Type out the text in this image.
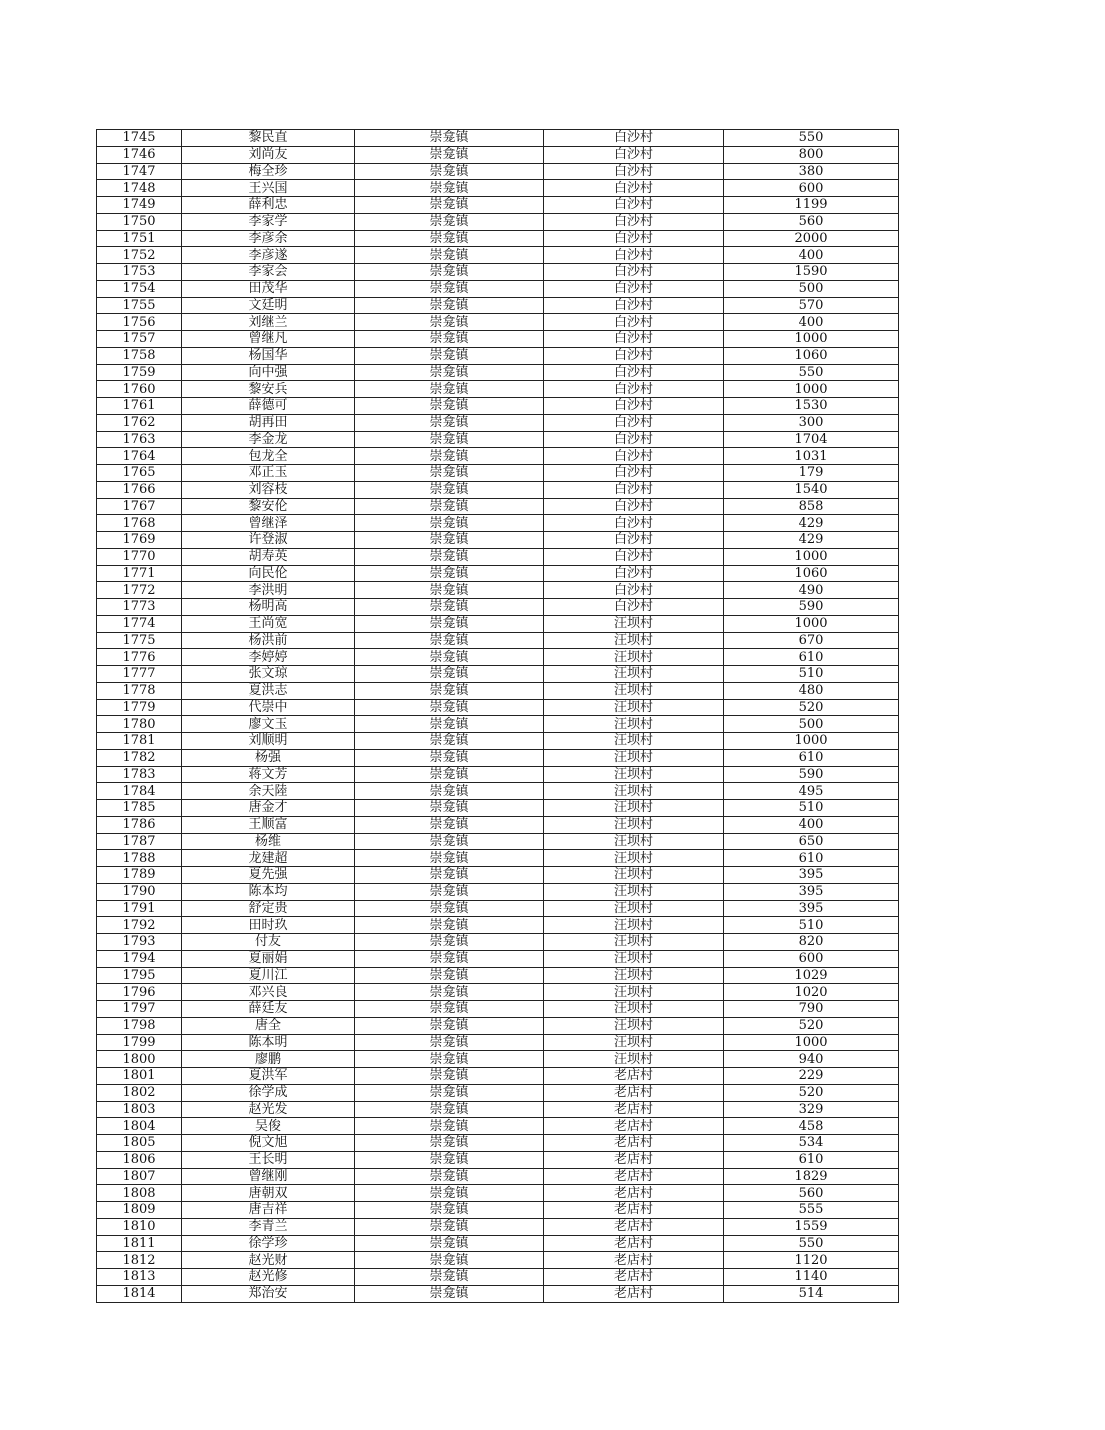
1745	黎民直	崇龛镇	白沙村	550
1746	刘尚友	崇龛镇	白沙村	800
1747	梅全珍	崇龛镇	白沙村	380
1748	王兴国	崇龛镇	白沙村	600
1749	薛利忠	崇龛镇	白沙村	1199
1750	李家学	崇龛镇	白沙村	560
1751	李彦余	崇龛镇	白沙村	2000
1752	李彦遂	崇龛镇	白沙村	400
1753	李家会	崇龛镇	白沙村	1590
1754	田茂华	崇龛镇	白沙村	500
1755	文廷明	崇龛镇	白沙村	570
1756	刘继兰	崇龛镇	白沙村	400
1757	曾继凡	崇龛镇	白沙村	1000
1758	杨国华	崇龛镇	白沙村	1060
1759	向中强	崇龛镇	白沙村	550
1760	黎安兵	崇龛镇	白沙村	1000
1761	薛德可	崇龛镇	白沙村	1530
1762	胡再田	崇龛镇	白沙村	300
1763	李金龙	崇龛镇	白沙村	1704
1764	包龙全	崇龛镇	白沙村	1031
1765	邓正玉	崇龛镇	白沙村	179
1766	刘容枝	崇龛镇	白沙村	1540
1767	黎安伦	崇龛镇	白沙村	858
1768	曾继泽	崇龛镇	白沙村	429
1769	许登淑	崇龛镇	白沙村	429
1770	胡寿英	崇龛镇	白沙村	1000
1771	向民伦	崇龛镇	白沙村	1060
1772	李洪明	崇龛镇	白沙村	490
1773	杨明高	崇龛镇	白沙村	590
1774	王尚宽	崇龛镇	汪坝村	1000
1775	杨洪前	崇龛镇	汪坝村	670
1776	李婷婷	崇龛镇	汪坝村	610
1777	张文琼	崇龛镇	汪坝村	510
1778	夏洪志	崇龛镇	汪坝村	480
1779	代崇中	崇龛镇	汪坝村	520
1780	廖文玉	崇龛镇	汪坝村	500
1781	刘顺明	崇龛镇	汪坝村	1000
1782	杨强	崇龛镇	汪坝村	610
1783	蒋文芳	崇龛镇	汪坝村	590
1784	余天陸	崇龛镇	汪坝村	495
1785	唐金才	崇龛镇	汪坝村	510
1786	王顺富	崇龛镇	汪坝村	400
1787	杨维	崇龛镇	汪坝村	650
1788	龙建超	崇龛镇	汪坝村	610
1789	夏先强	崇龛镇	汪坝村	395
1790	陈本均	崇龛镇	汪坝村	395
1791	舒定贵	崇龛镇	汪坝村	395
1792	田时玖	崇龛镇	汪坝村	510
1793	付友	崇龛镇	汪坝村	820
1794	夏丽娟	崇龛镇	汪坝村	600
1795	夏川江	崇龛镇	汪坝村	1029
1796	邓兴良	崇龛镇	汪坝村	1020
1797	薛廷友	崇龛镇	汪坝村	790
1798	唐全	崇龛镇	汪坝村	520
1799	陈本明	崇龛镇	汪坝村	1000
1800	廖鹏	崇龛镇	汪坝村	940
1801	夏洪军	崇龛镇	老店村	229
1802	徐学成	崇龛镇	老店村	520
1803	赵光发	崇龛镇	老店村	329
1804	吴俊	崇龛镇	老店村	458
1805	倪文旭	崇龛镇	老店村	534
1806	王长明	崇龛镇	老店村	610
1807	曾继刚	崇龛镇	老店村	1829
1808	唐朝双	崇龛镇	老店村	560
1809	唐吉祥	崇龛镇	老店村	555
1810	李青兰	崇龛镇	老店村	1559
1811	徐学珍	崇龛镇	老店村	550
1812	赵光财	崇龛镇	老店村	1120
1813	赵光修	崇龛镇	老店村	1140
1814	郑治安	崇龛镇	老店村	514
